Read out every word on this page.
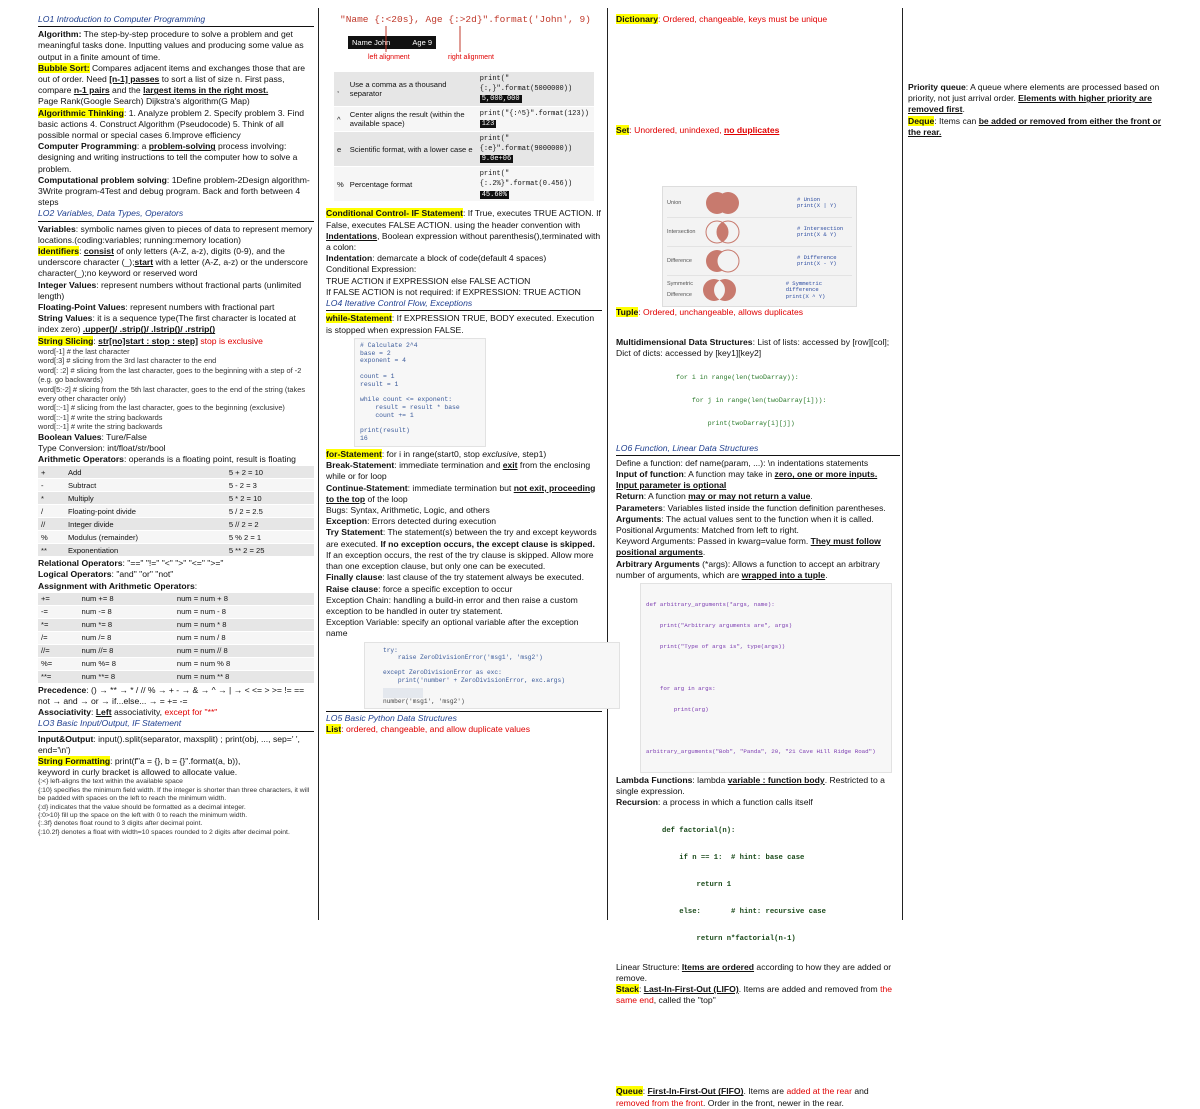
LO1 Introduction to Computer Programming

Algorithm: The step-by-step procedure to solve a problem and get meaningful tasks done. Inputting values and producing some value as output in a finite amount of time.

Bubble Sort: Compares adjacent items and exchanges those that are out of order. Need [n-1] passes to sort a list of size n. First pass, compare n-1 pairs and the largest items in the right most.

Page Rank(Google Search) Dijkstra's algorithm(G Map)

Algorithmic Thinking: 1. Analyze problem 2. Specify problem 3. Find basic actions 4. Construct Algorithm (Pseudocode) 5. Think of all possible normal or special cases 6.Improve efficiency

Computer Programming: a problem-solving process involving: designing and writing instructions to tell the computer how to solve a problem.

Computational problem solving: 1Define problem-2Design algorithm-3Write program-4Test and debug program. Back and forth between 4 steps

LO2 Variables, Data Types, Operators

Variables: symbolic names given to pieces of data to represent memory locations.(coding:variables; running:memory location)

Identifiers: consist of only letters (A-Z, a-z), digits (0-9), and the underscore character (_);start with a letter (A-Z, a-z) or the underscore character(_);no keyword or reserved word

Integer Values: represent numbers without fractional parts (unlimited length)

Floating-Point Values: represent numbers with fractional part

String Values: it is a sequence type(The first character is located at index zero) .upper()/ .strip()/ .lstrip()/ .rstrip()

String Slicing: str[no]start : stop : step] stop is exclusive

word[-1] # the last character

word[:3] # slicing from the 3rd last character to the end

word[: :2] # slicing from the last character, goes to the beginning with a step of -2 (e.g. go backwards)

word[5:-2] # slicing from the 5th last character, goes to the end of the string (takes every other character only)

word[::-1] # slicing from the last character, goes to the beginning (exclusive)

word[::-1] # write the string backwards

word[::-1] # write the string backwards

Boolean Values: Ture/False

Type Conversion: int/float/str/bool

Arithmetic Operators: operands is a floating point, result is floating

+	Add	5 + 2 = 10
-	Subtract	5 - 2 = 3
*	Multiply	5 * 2 = 10
/	Floating-point divide	5 / 2 = 2.5
//	Integer divide	5 // 2 = 2
%	Modulus (remainder)	5 % 2 = 1
**	Exponentiation	5 ** 2 = 25

Relational Operators: "==" "!=" "<" ">" "<=" ">="

Logical Operators: "and" "or" "not"

Assignment with Arithmetic Operators:

+=	num += 8	num = num + 8
-=	num -= 8	num = num - 8
*=	num *= 8	num = num * 8
/=	num /= 8	num = num / 8
//=	num //= 8	num = num // 8
%=	num %= 8	num = num % 8
**=	num **= 8	num = num ** 8

Precedence: () → ** → * / // % → + - → & → ^ → | → < <= > >= != == not → and → or → if...else... → = += -=

Associativity: Left associativity, except for "**"

LO3 Basic Input/Output, IF Statement

Input&Output: input().split(separator, maxsplit) ; print(obj, ..., sep=' ', end='\n')

String Formatting: print(f"a = {}, b = {}".format(a, b)),

keyword in curly bracket is allowed to allocate value.

{:<} left-aligns the text within the available space

{:10} specifies the minimum field width. If the integer is shorter than three characters, it will be padded with spaces on the left to reach the minimum width.

{:d} indicates that the value should be formatted as a decimal integer.

{:0>10} fill up the space on the left with 0 to reach the minimum width.

{:.3f} denotes float round to 3 digits after decimal point.

{:10.2f} denotes a float with width=10 spaces rounded to 2 digits after decimal point.

"Name {:<20s}, Age {:>2d}".format('John', 9)
Name John	Age 9
left alignment	right alignment
,	Use a comma as a thousand separator	print("{:,}".format(5000000))
5,000,000
^	Center aligns the result (within the available space)	print("{:^5}".format(123))
123
e	Scientific format, with a lower case e	print("{:e}".format(9000000))
9.0e+06
%	Percentage format	print("{:.2%}".format(0.456))
45.60%

Conditional Control- IF Statement: If True, executes TRUE ACTION. If False, executes FALSE ACTION. using the header convention with Indentations, Boolean expression without parenthesis(),terminated with a colon:

Indentation: demarcate a block of code(default 4 spaces)

Conditional Expression:

TRUE ACTION if EXPRESSION else FALSE ACTION

If FALSE ACTION is not required: if EXPRESSION: TRUE ACTION

LO4 Iterative Control Flow, Exceptions

while-Statement: If EXPRESSION TRUE, BODY executed. Execution is stopped when expression FALSE.

# Calculate 2^4
base = 2
exponent = 4
count = 1
result = 1
while count <= exponent:
result = result * base
count += 1
print(result)
16

for-Statement: for i in range(start0, stop exclusive, step1)

Break-Statement: immediate termination and exit from the enclosing while or for loop

Continue-Statement: immediate termination but not exit, proceeding to the top of the loop

Bugs: Syntax, Arithmetic, Logic, and others

Exception: Errors detected during execution

Try Statement: The statement(s) between the try and except keywords are executed. If no exception occurs, the except clause is skipped. If an exception occurs, the rest of the try clause is skipped. Allow more than one exception clause, but only one can be executed.

Finally clause: last clause of the try statement always be executed.

Raise clause: force a specific exception to occur

Exception Chain: handling a build-in error and then raise a custom exception to be handled in outer try statement.

Exception Variable: specify an optional variable after the exception name

try:
raise ZeroDivisionError('msg1', 'msg2')
except ZeroDivisionError as exc:
print('number' + ZeroDivisionError, exc.args)
number('msg1', 'msg2')
LO5 Basic Python Data Structures

List: ordered, changeable, and allow duplicate values

Dictionary: Ordered, changeable, keys must be unique

Set: Unordered, unindexed, no duplicates

Union	# Union
print(X | Y)
Intersection	# Intersection
print(X & Y)
Difference	# Difference
print(X - Y)
Symmetric Difference
# Symmetric difference
print(X ^ Y)

Tuple: Ordered, unchangeable, allows duplicates

Multidimensional Data Structures: List of lists: accessed by [row][col]; Dict of dicts: accessed by [key1][key2]

for i in range(len(twoDarray)):

for j in range(len(twoDarray[i])):

print(twoDarray[i][j])

LO6 Function, Linear Data Structures

Define a function: def name(param, ...): \n indentations statements

Input of function: A function may take in zero, one or more inputs. Input parameter is optional

Return: A function may or may not return a value.

Parameters: Variables listed inside the function definition parentheses.

Arguments: The actual values sent to the function when it is called.

Positional Arguments: Matched from left to right.

Keyword Arguments: Passed in kwarg=value form. They must follow positional arguments.

Arbitrary Arguments (*args): Allows a function to accept an arbitrary number of arguments, which are wrapped into a tuple.

def arbitrary_arguments(*args, name):

print("Arbitrary arguments are", args)

print("Type of args is", type(args))

for arg in args:

print(arg)

arbitrary_arguments("Bob", "Panda", 20, "21 Cave Hill Ridge Road")

Lambda Functions: lambda variable : function body. Restricted to a single expression.

Recursion: a process in which a function calls itself

def factorial(n):

if n == 1:  # hint: base case

return 1

else:       # hint: recursive case

return n*factorial(n-1)

Linear Structure: Items are ordered according to how they are added or remove.

Stack: Last-In-First-Out (LIFO). Items are added and removed from the same end, called the "top"

Queue: First-In-First-Out (FIFO). Items are added at the rear and removed from the front. Order in the front, newer in the rear.

Priority queue: A queue where elements are processed based on priority, not just arrival order. Elements with higher priority are removed first.

Deque: Items can be added or removed from either the front or the rear.
